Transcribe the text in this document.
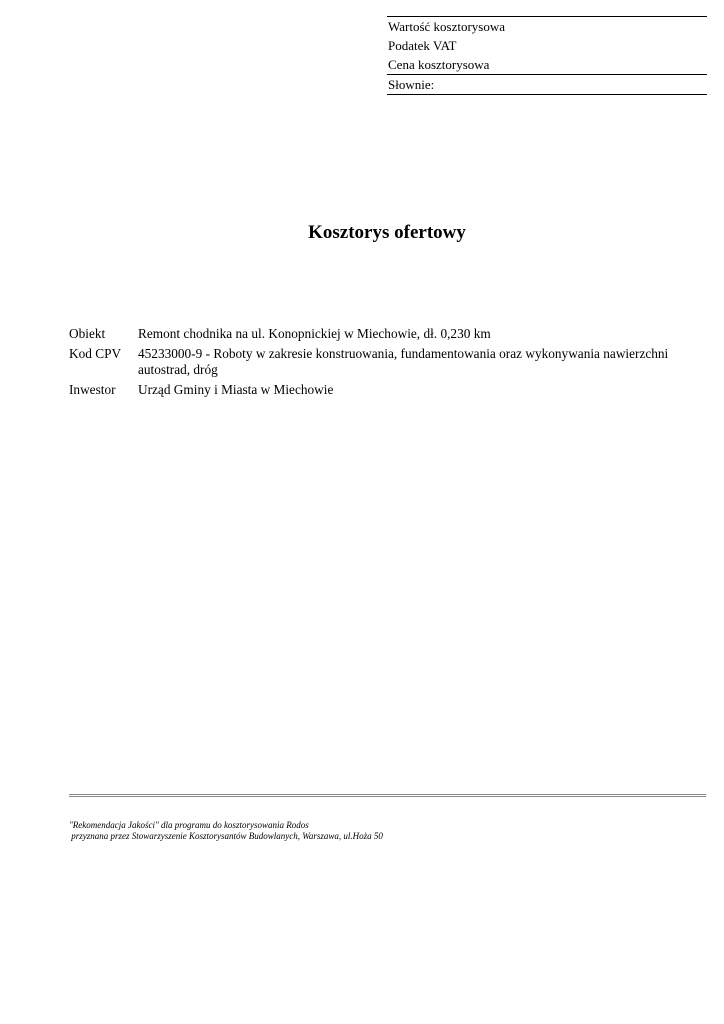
Wartość kosztorysowa
Podatek VAT
Cena kosztorysowa
Słownie:
Kosztorys ofertowy
Obiekt	Remont chodnika na ul. Konopnickiej w Miechowie, dł. 0,230 km
Kod CPV	45233000-9 - Roboty w zakresie konstruowania, fundamentowania oraz wykonywania nawierzchni autostrad, dróg
Inwestor	Urząd Gminy i Miasta w Miechowie
"Rekomendacja Jakości" dla programu do kosztorysowania Rodos
przyznana przez Stowarzyszenie Kosztorysantów Budowlanych, Warszawa, ul.Hoża 50
